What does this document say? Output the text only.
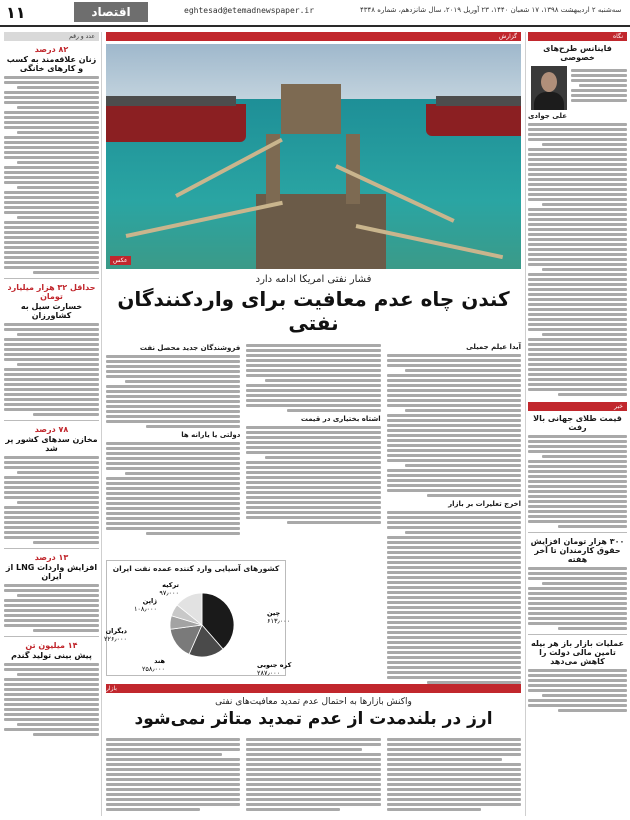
۱۱	اقتصاد	eghtesad@etemadnewspaper.ir	سه‌شنبه ۲ اردیبهشت ۱۳۹۸، ۱۷ شعبان ۱۴۴۰، ۲۳ آوریل ۲۰۱۹، سال شانزدهم، شماره ۴۳۴۸
عدد و رقم
۸۲ درصد
زنان علاقه‌مند به کسب و کارهای خانگی
حداقل ۳۲ هزار میلیارد تومان
خسارت سیل به کشاورزان
۷۸ درصد
مخازن سدهای کشور پر شد
۱۳ درصد
افزایش واردات LNG از ایران
۱۴ میلیون تن
پیش بینی تولید گندم
گزارش
عکس
فشار نفتی امریکا ادامه دارد
کندن چاه عدم معافیت برای واردکنندگان نفتی
آیدا عیلم جمیلی
اخرج تعلیرات بر بازار
اشتاه بختیاری در قیمت
فروشندگان جدید محصل نفت
دولتی یا یارانه ها
کشورهای آسیایی وارد کننده عمده نفت ایران
چین
۶۱۳٫۰۰۰
کره جنوبی
۲۸۷٫۰۰۰
هند
۲۵۸٫۰۰۰
ژاپن
۱۰۸٫۰۰۰
ترکیه
۹۷٫۰۰۰
دیگران
۲۲۶٫۰۰۰
بازار
واکنش بازارها به احتمال عدم تمدید معافیت‌های نفتی
ارز در بلندمدت از عدم تمدید متاثر نمی‌شود
نگاه
فاینانس طرح‌های خصوصی
علی جوادی
خبر
قیمت طلای جهانی بالا رفت
۳۰۰ هزار تومان افزایش حقوق کارمندان تا آخر هفته
عملیات بازار باز هر بیله تامین مالی دولت را کاهش می‌دهد
